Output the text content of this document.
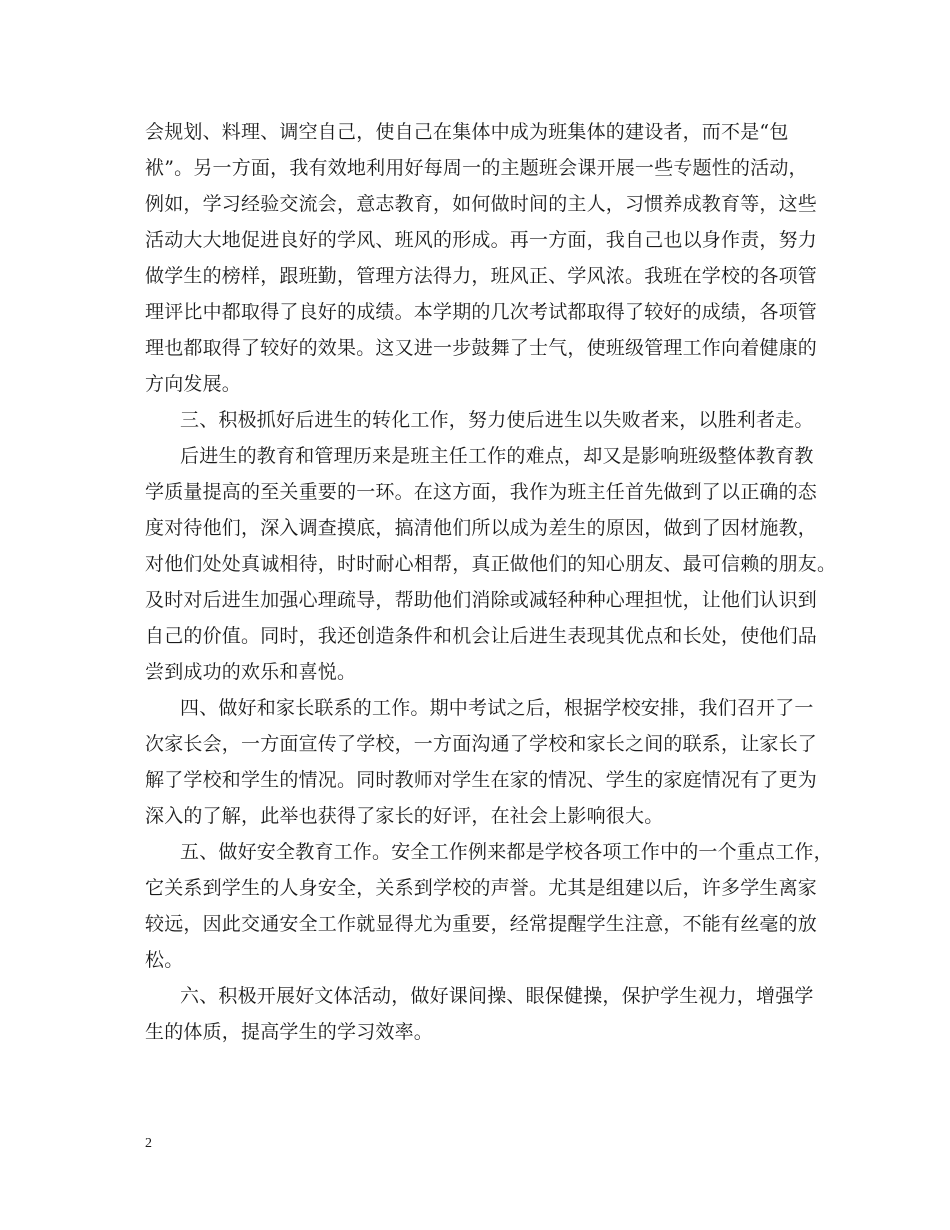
会规划、料理、调空自己，使自己在集体中成为班集体的建设者，而不是“包
袱”。另一方面，我有效地利用好每周一的主题班会课开展一些专题性的活动，
例如，学习经验交流会，意志教育，如何做时间的主人，习惯养成教育等，这些
活动大大地促进良好的学风、班风的形成。再一方面，我自己也以身作责，努力
做学生的榜样，跟班勤，管理方法得力，班风正、学风浓。我班在学校的各项管
理评比中都取得了良好的成绩。本学期的几次考试都取得了较好的成绩，各项管
理也都取得了较好的效果。这又进一步鼓舞了士气，使班级管理工作向着健康的
方向发展。
三、积极抓好后进生的转化工作，努力使后进生以失败者来，以胜利者走。
后进生的教育和管理历来是班主任工作的难点，却又是影响班级整体教育教
学质量提高的至关重要的一环。在这方面，我作为班主任首先做到了以正确的态
度对待他们，深入调查摸底，搞清他们所以成为差生的原因，做到了因材施教，
对他们处处真诚相待，时时耐心相帮，真正做他们的知心朋友、最可信赖的朋友。
及时对后进生加强心理疏导，帮助他们消除或减轻种种心理担忧，让他们认识到
自己的价值。同时，我还创造条件和机会让后进生表现其优点和长处，使他们品
尝到成功的欢乐和喜悦。
四、做好和家长联系的工作。期中考试之后，根据学校安排，我们召开了一
次家长会，一方面宣传了学校，一方面沟通了学校和家长之间的联系，让家长了
解了学校和学生的情况。同时教师对学生在家的情况、学生的家庭情况有了更为
深入的了解，此举也获得了家长的好评，在社会上影响很大。
五、做好安全教育工作。安全工作例来都是学校各项工作中的一个重点工作，
它关系到学生的人身安全，关系到学校的声誉。尤其是组建以后，许多学生离家
较远，因此交通安全工作就显得尤为重要，经常提醒学生注意，不能有丝毫的放
松。
六、积极开展好文体活动，做好课间操、眼保健操，保护学生视力，增强学
生的体质，提高学生的学习效率。
2
